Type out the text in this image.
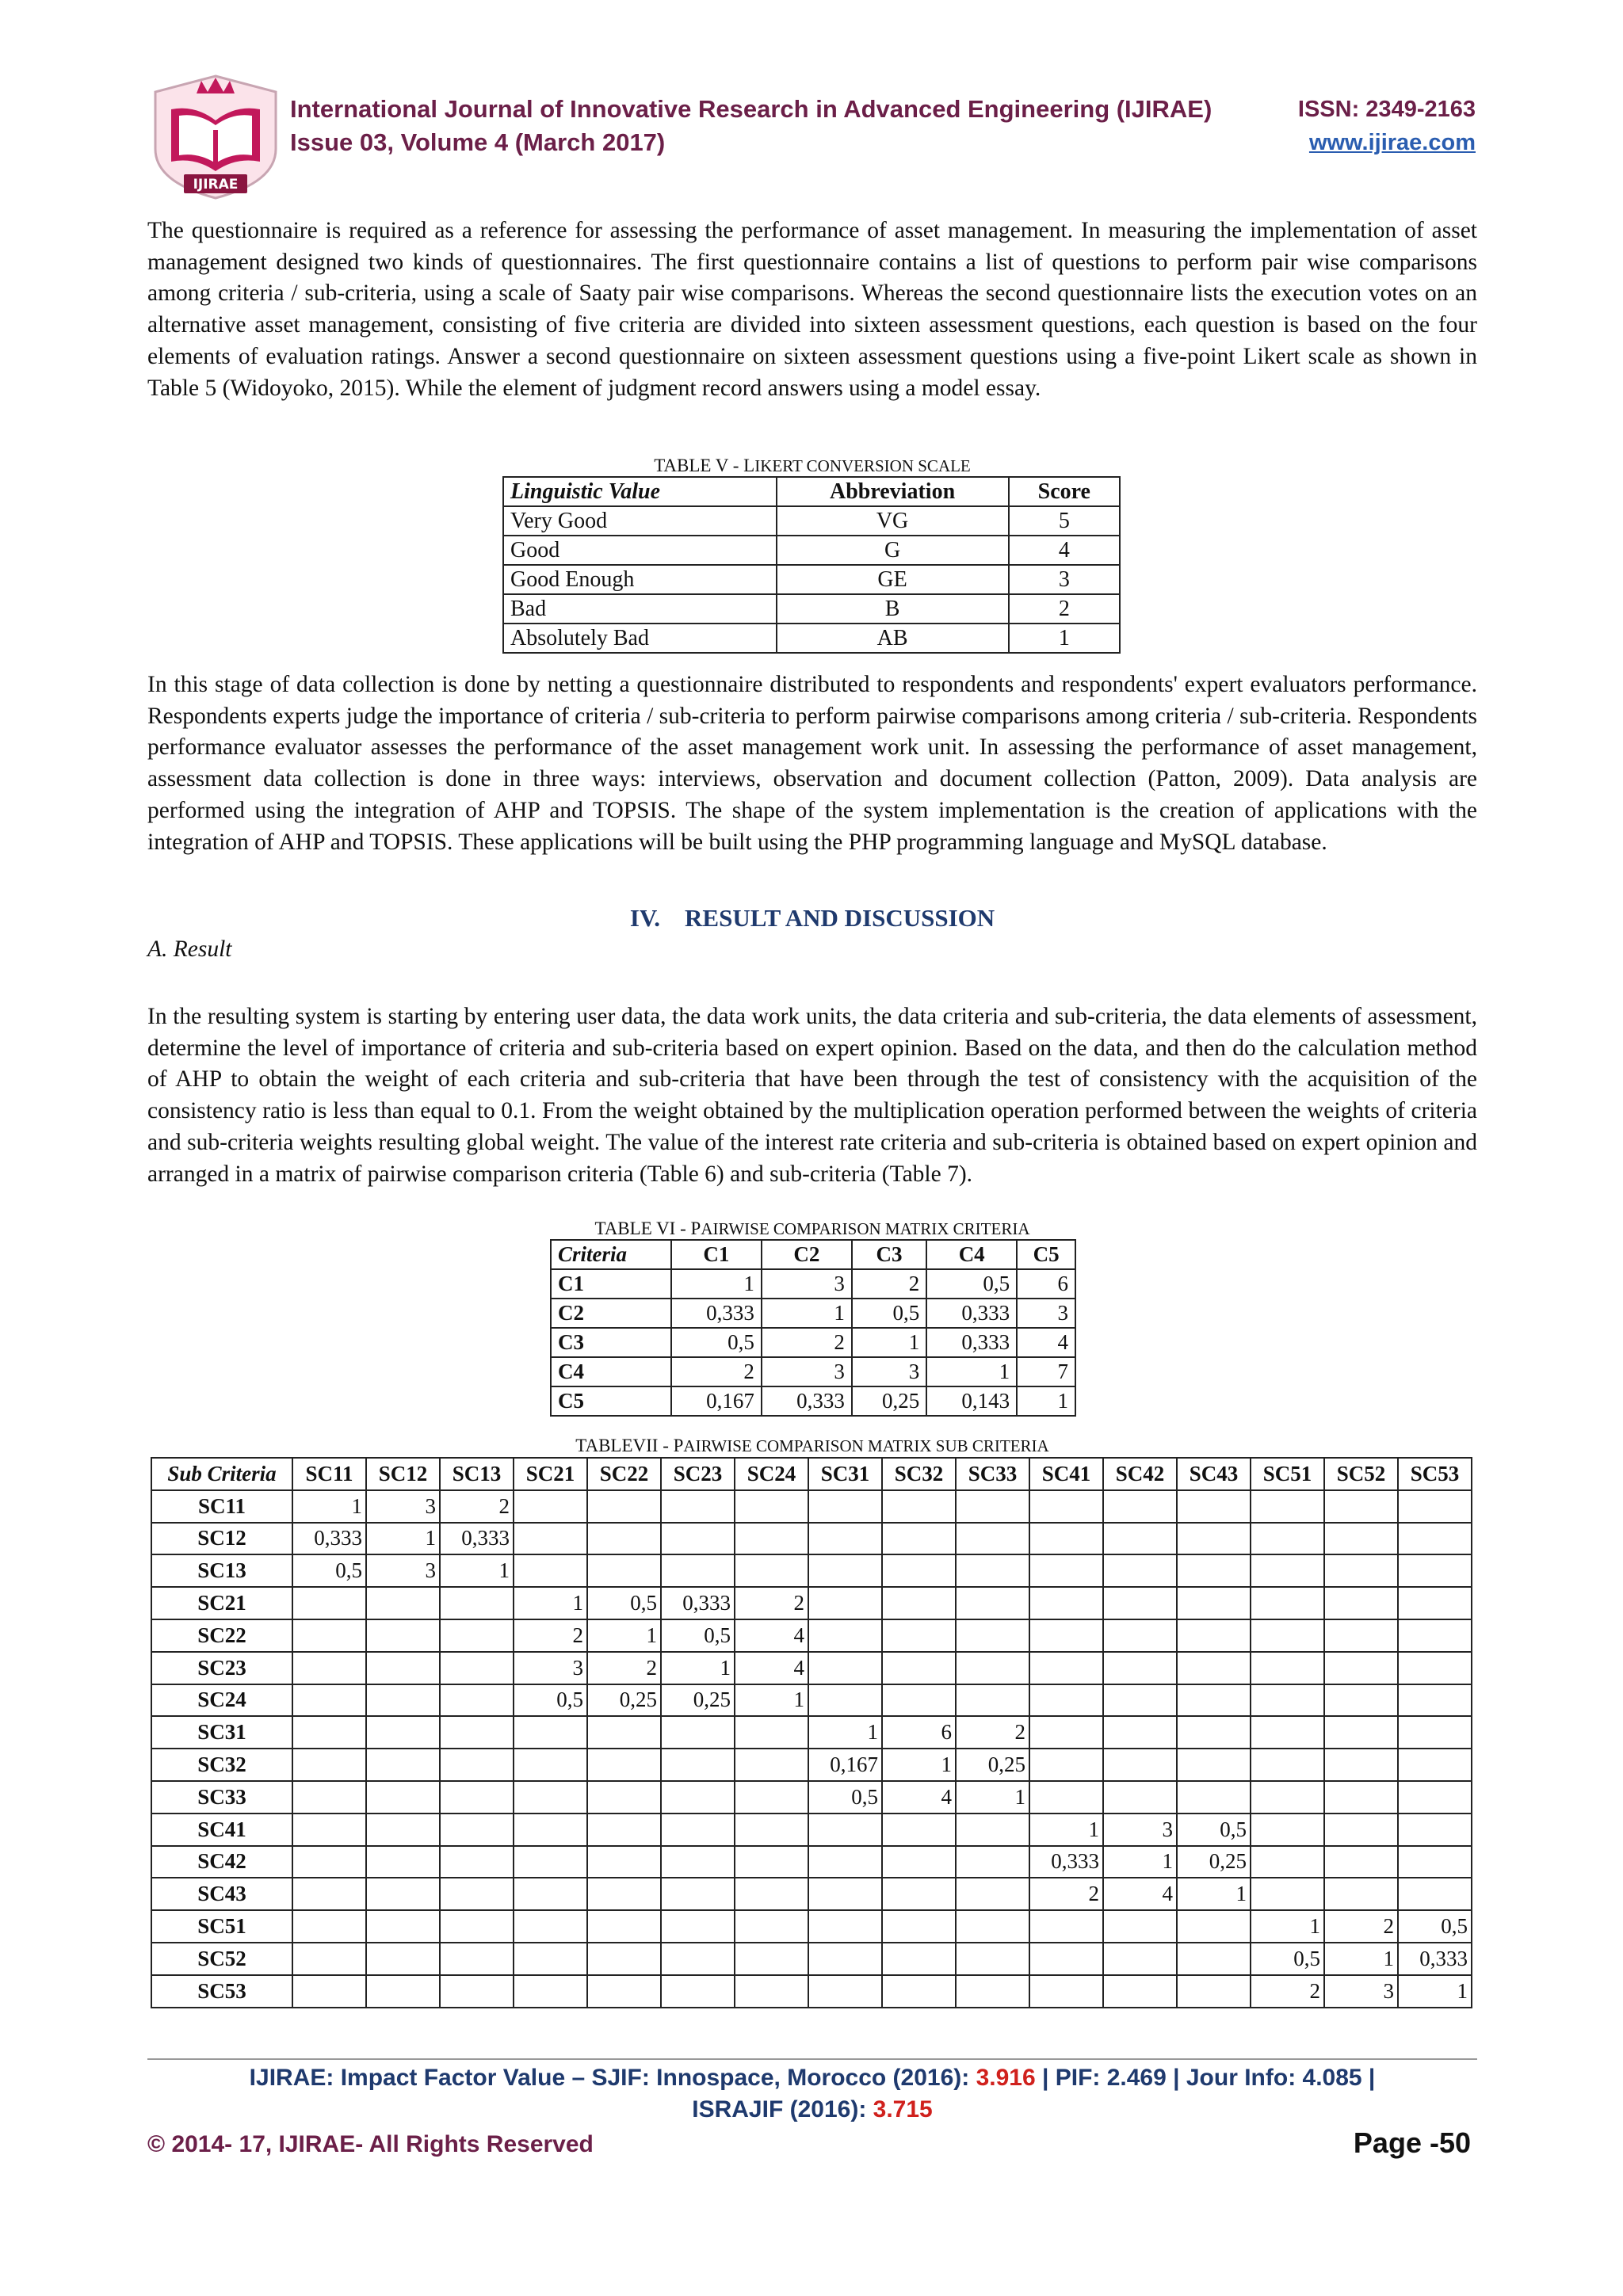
IJIRAE
International Journal of Innovative Research in Advanced Engineering (IJIRAE)	ISSN: 2349-2163
Issue 03, Volume 4 (March 2017)	www.ijirae.com
The questionnaire is required as a reference for assessing the performance of asset management. In measuring the implementation of asset management designed two kinds of questionnaires. The first questionnaire contains a list of questions to perform pair wise comparisons among criteria / sub-criteria, using a scale of Saaty pair wise comparisons. Whereas the second questionnaire lists the execution votes on an alternative asset management, consisting of five criteria are divided into sixteen assessment questions, each question is based on the four elements of evaluation ratings. Answer a second questionnaire on sixteen assessment questions using a five-point Likert scale as shown in Table 5 (Widoyoko, 2015). While the element of judgment record answers using a model essay.
TABLE V - LIKERT CONVERSION SCALE
Linguistic Value	Abbreviation	Score
Very Good	VG	5
Good	G	4
Good Enough	GE	3
Bad	B	2
Absolutely Bad	AB	1
In this stage of data collection is done by netting a questionnaire distributed to respondents and respondents' expert evaluators performance. Respondents experts judge the importance of criteria / sub-criteria to perform pairwise comparisons among criteria / sub-criteria. Respondents performance evaluator assesses the performance of the asset management work unit. In assessing the performance of asset management, assessment data collection is done in three ways: interviews, observation and document collection (Patton, 2009). Data analysis are performed using the integration of AHP and TOPSIS. The shape of the system implementation is the creation of applications with the integration of AHP and TOPSIS. These applications will be built using the PHP programming language and MySQL database.
IV. RESULT AND DISCUSSION
A. Result
In the resulting system is starting by entering user data, the data work units, the data criteria and sub-criteria, the data elements of assessment, determine the level of importance of criteria and sub-criteria based on expert opinion. Based on the data, and then do the calculation method of AHP to obtain the weight of each criteria and sub-criteria that have been through the test of consistency with the acquisition of the consistency ratio is less than equal to 0.1. From the weight obtained by the multiplication operation performed between the weights of criteria and sub-criteria weights resulting global weight. The value of the interest rate criteria and sub-criteria is obtained based on expert opinion and arranged in a matrix of pairwise comparison criteria (Table 6) and sub-criteria (Table 7).
TABLE VI - PAIRWISE COMPARISON MATRIX CRITERIA
Criteria	C1	C2	C3	C4	C5
C1	1	3	2	0,5	6
C2	0,333	1	0,5	0,333	3
C3	0,5	2	1	0,333	4
C4	2	3	3	1	7
C5	0,167	0,333	0,25	0,143	1
TABLEVII - PAIRWISE COMPARISON MATRIX SUB CRITERIA
Sub Criteria	SC11	SC12	SC13	SC21	SC22	SC23	SC24	SC31	SC32	SC33	SC41	SC42	SC43	SC51	SC52	SC53
SC11	1	3	2													
SC12	0,333	1	0,333													
SC13	0,5	3	1													
SC21				1	0,5	0,333	2									
SC22				2	1	0,5	4									
SC23				3	2	1	4									
SC24				0,5	0,25	0,25	1									
SC31								1	6	2						
SC32								0,167	1	0,25						
SC33								0,5	4	1						
SC41											1	3	0,5			
SC42											0,333	1	0,25			
SC43											2	4	1			
SC51														1	2	0,5
SC52														0,5	1	0,333
SC53														2	3	1
IJIRAE: Impact Factor Value – SJIF: Innospace, Morocco (2016): 3.916 | PIF: 2.469 | Jour Info: 4.085 |
ISRAJIF (2016): 3.715
© 2014- 17, IJIRAE- All Rights Reserved	Page -50
